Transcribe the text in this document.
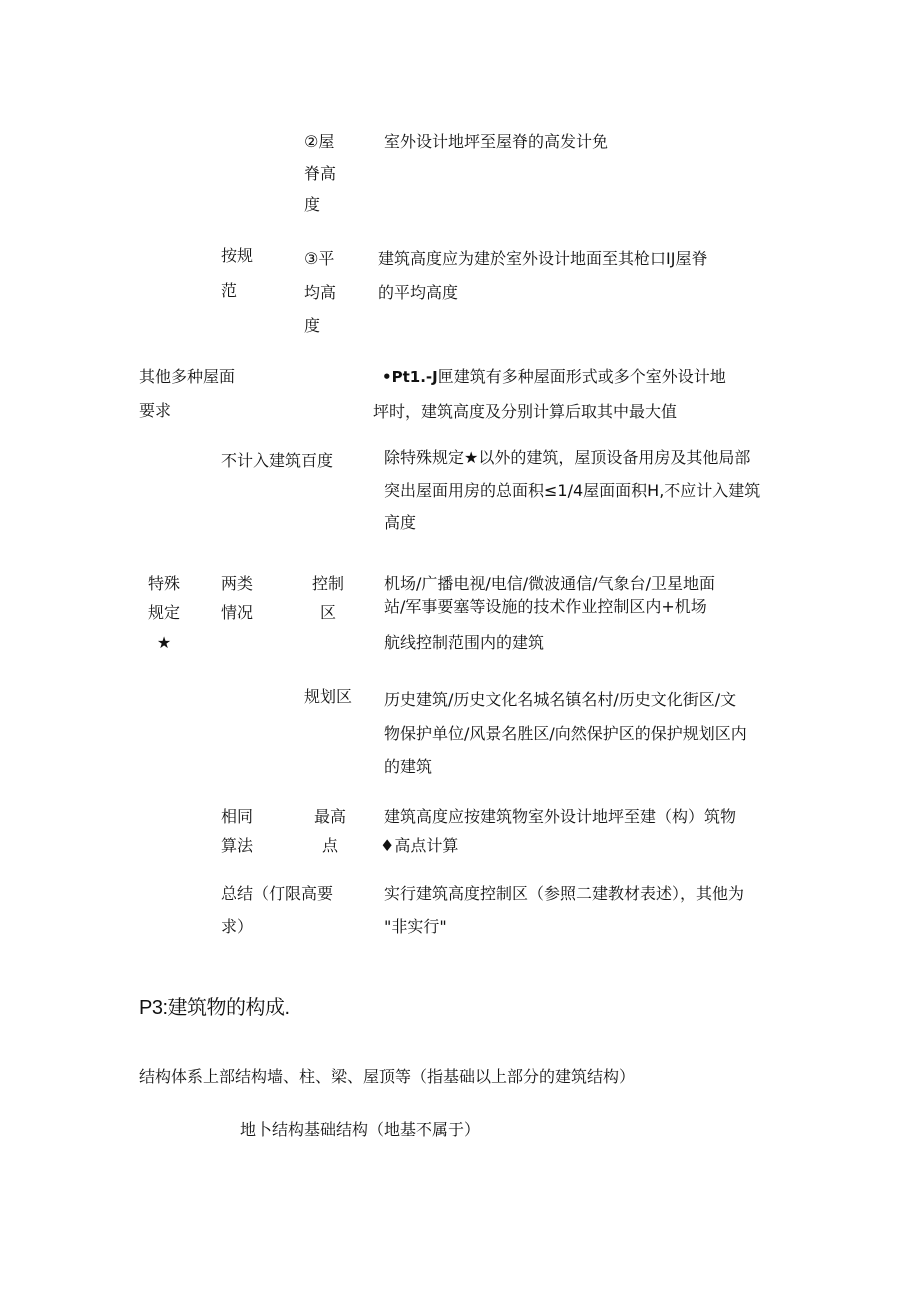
②屋
脊高
度
室外设计地坪至屋脊的高发计免
按规
范
③平
均高
度
建筑高度应为建於室外设计地面至其枪口IJ屋脊
的平均高度
其他多种屋面
要求
•Pt1.-J匣建筑有多种屋面形式或多个室外设计地
坪时，建筑高度及分别计算后取其中最大值
不计入建筑百度	除特殊规定★以外的建筑，屋顶设备用房及其他局部
突出屋面用房的总面积≤1/4屋面面积H,不应计入建筑
高度
特殊
规定
★
两类
情况
控制
区
机场/广播电视/电信/微波通信/气象台/卫星地面
站/军事要塞等设施的技术作业控制区内+机场
航线控制范围内的建筑
规划区 历史建筑/历史文化名城名镇名村/历史文化街区/文
物保护单位/风景名胜区/向然保护区的保护规划区内
的建筑
相同
算法
最高
点
建筑高度应按建筑物室外设计地坪至建（构）筑物
♦高点计算
总结（仃限高要
求）
实行建筑高度控制区（参照二建教材表述），其他为
"非实行"
P3:建筑物的构成.
结构体系上部结构墙、柱、梁、屋顶等（指基础以上部分的建筑结构）
地卜结构基础结构（地基不属于）
